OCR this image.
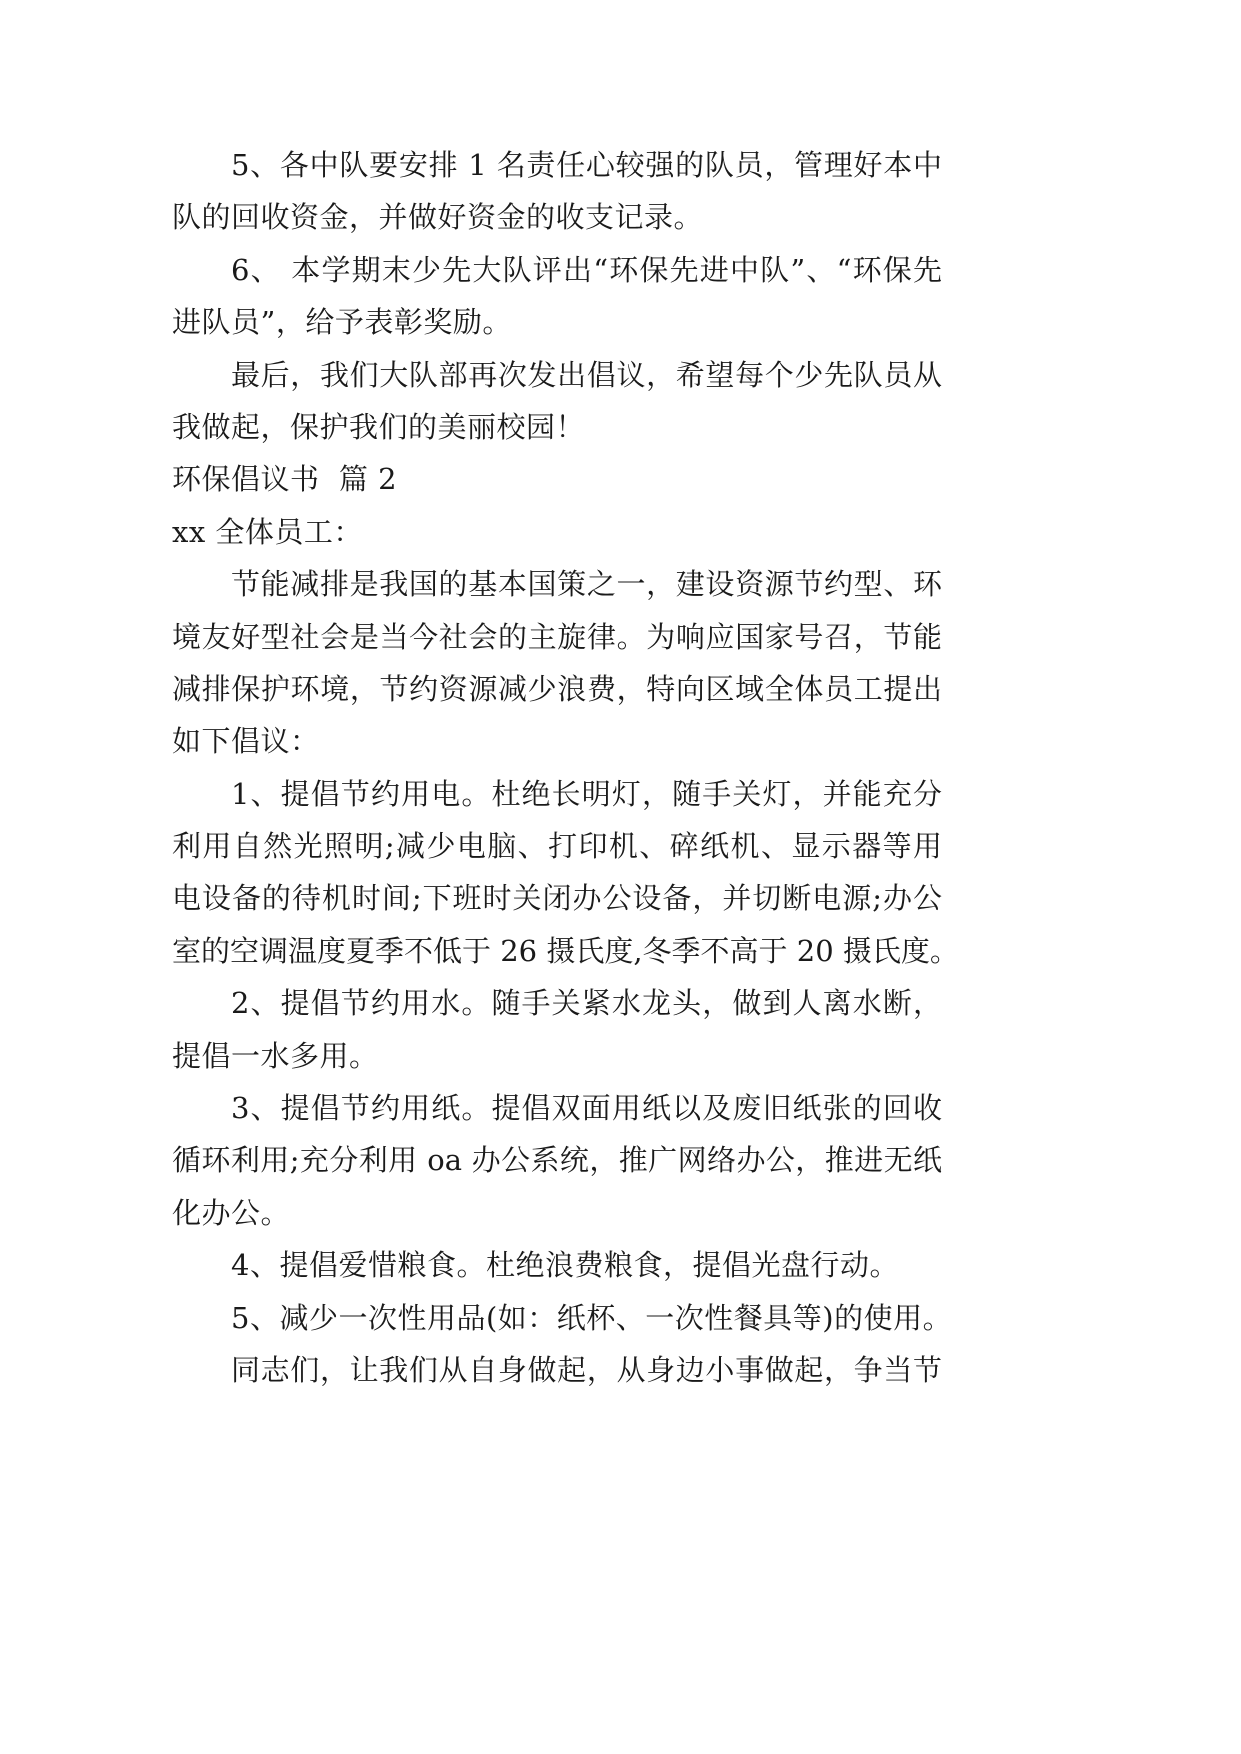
5、各中队要安排 1 名责任心较强的队员，管理好本中
队的回收资金，并做好资金的收支记录。
6、 本学期末少先大队评出“环保先进中队”、“环保先
进队员”，给予表彰奖励。
最后，我们大队部再次发出倡议，希望每个少先队员从
我做起，保护我们的美丽校园！
环保倡议书  篇 2
xx 全体员工：
节能减排是我国的基本国策之一，建设资源节约型、环
境友好型社会是当今社会的主旋律。为响应国家号召，节能
减排保护环境，节约资源减少浪费，特向区域全体员工提出
如下倡议：
1、提倡节约用电。杜绝长明灯，随手关灯，并能充分
利用自然光照明;减少电脑、打印机、碎纸机、显示器等用
电设备的待机时间;下班时关闭办公设备，并切断电源;办公
室的空调温度夏季不低于 26 摄氏度,冬季不高于 20 摄氏度。
2、提倡节约用水。随手关紧水龙头，做到人离水断，
提倡一水多用。
3、提倡节约用纸。提倡双面用纸以及废旧纸张的回收
循环利用;充分利用 oa 办公系统，推广网络办公，推进无纸
化办公。
4、提倡爱惜粮食。杜绝浪费粮食，提倡光盘行动。
5、减少一次性用品(如：纸杯、一次性餐具等)的使用。
同志们，让我们从自身做起，从身边小事做起，争当节
